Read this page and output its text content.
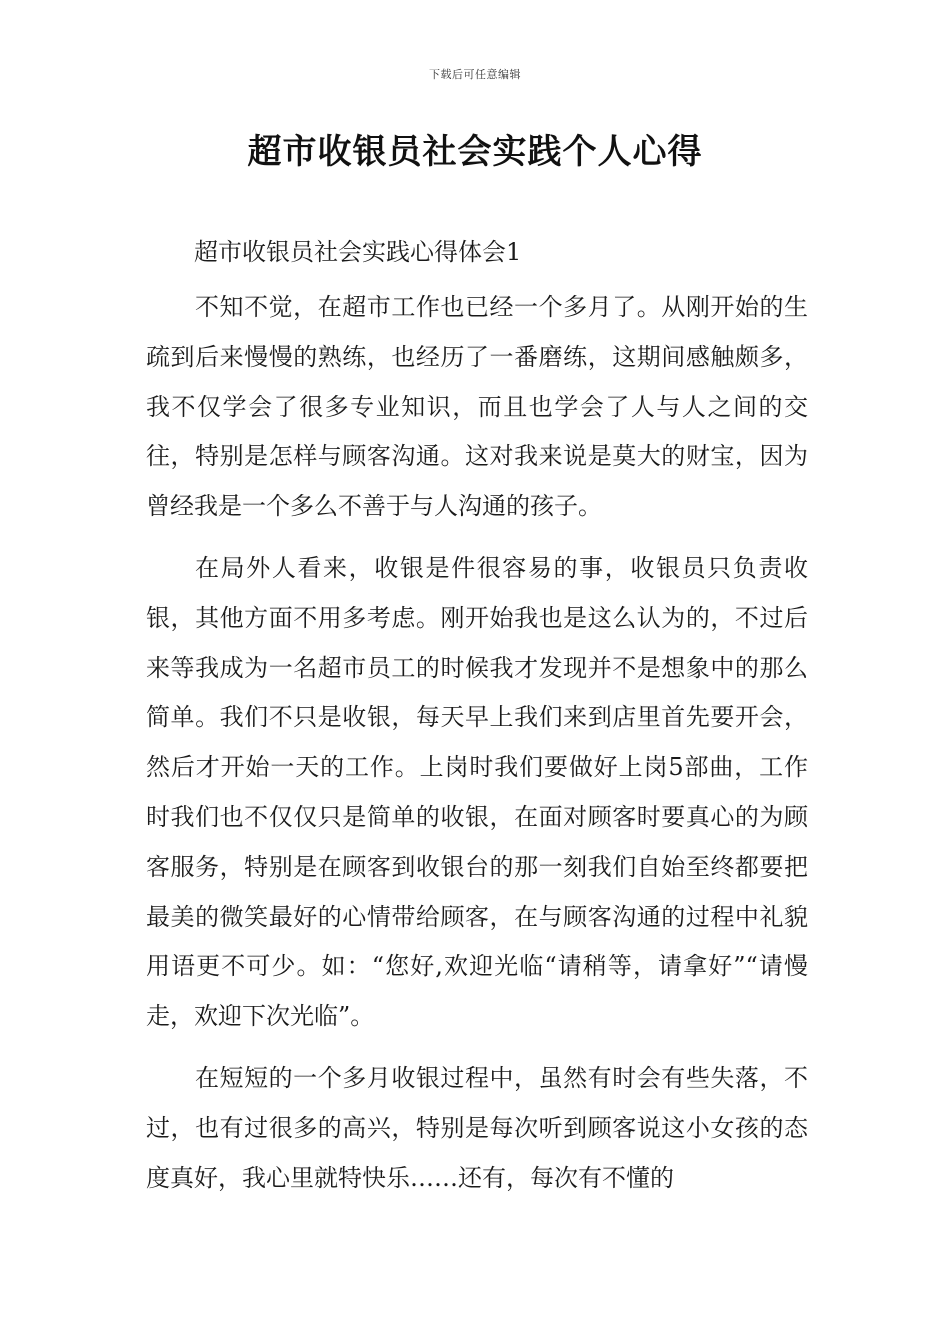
下载后可任意编辑
超市收银员社会实践个人心得

超市收银员社会实践心得体会1

不知不觉，在超市工作也已经一个多月了。从刚开始的生疏到后来慢慢的熟练，也经历了一番磨练，这期间感触颇多，我不仅学会了很多专业知识，而且也学会了人与人之间的交往，特别是怎样与顾客沟通。这对我来说是莫大的财宝，因为曾经我是一个多么不善于与人沟通的孩子。

在局外人看来，收银是件很容易的事，收银员只负责收银，其他方面不用多考虑。刚开始我也是这么认为的，不过后来等我成为一名超市员工的时候我才发现并不是想象中的那么简单。我们不只是收银，每天早上我们来到店里首先要开会，然后才开始一天的工作。上岗时我们要做好上岗5部曲，工作时我们也不仅仅只是简单的收银，在面对顾客时要真心的为顾客服务，特别是在顾客到收银台的那一刻我们自始至终都要把最美的微笑最好的心情带给顾客，在与顾客沟通的过程中礼貌用语更不可少。如：“您好,欢迎光临“请稍等，请拿好”“请慢走，欢迎下次光临”。

在短短的一个多月收银过程中，虽然有时会有些失落，不过，也有过很多的高兴，特别是每次听到顾客说这小女孩的态度真好，我心里就特快乐……还有，每次有不懂的
